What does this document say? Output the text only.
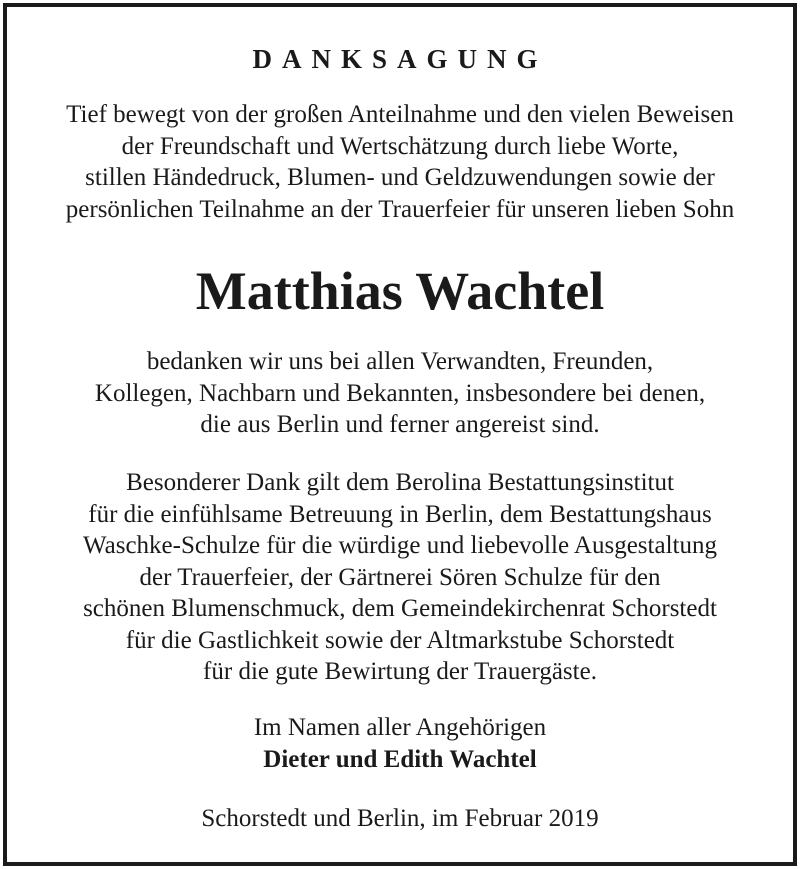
DANKSAGUNG
Tief bewegt von der großen Anteilnahme und den vielen Beweisen
der Freundschaft und Wertschätzung durch liebe Worte,
stillen Händedruck, Blumen- und Geldzuwendungen sowie der
persönlichen Teilnahme an der Trauerfeier für unseren lieben Sohn
Matthias Wachtel
bedanken wir uns bei allen Verwandten, Freunden,
Kollegen, Nachbarn und Bekannten, insbesondere bei denen,
die aus Berlin und ferner angereist sind.
Besonderer Dank gilt dem Berolina Bestattungsinstitut
für die einfühlsame Betreuung in Berlin, dem Bestattungshaus
Waschke-Schulze für die würdige und liebevolle Ausgestaltung
der Trauerfeier, der Gärtnerei Sören Schulze für den
schönen Blumenschmuck, dem Gemeindekirchenrat Schorstedt
für die Gastlichkeit sowie der Altmarkstube Schorstedt
für die gute Bewirtung der Trauergäste.
Im Namen aller Angehörigen
Dieter und Edith Wachtel
Schorstedt und Berlin, im Februar 2019
